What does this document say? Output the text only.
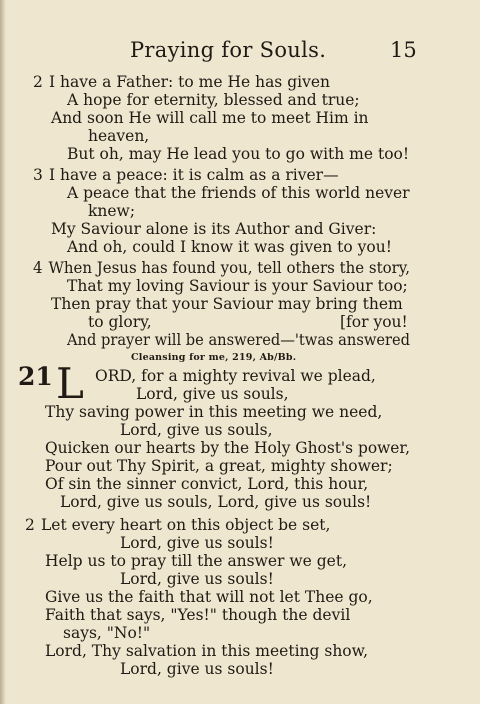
Praying for Souls.	15
2 I have a Father: to me He has given
A hope for eternity, blessed and true;
And soon He will call me to meet Him in
heaven,
But oh, may He lead you to go with me too!
3 I have a peace: it is calm as a river—
A peace that the friends of this world never
knew;
My Saviour alone is its Author and Giver:
And oh, could I know it was given to you!
4 When Jesus has found you, tell others the story,
That my loving Saviour is your Saviour too;
Then pray that your Saviour may bring them
to glory,	[for you!
And prayer will be answered—'twas answered
Cleansing for me, 219, Ab/Bb.
21 L ORD, for a mighty revival we plead,
Lord, give us souls,
Thy saving power in this meeting we need,
Lord, give us souls,
Quicken our hearts by the Holy Ghost's power,
Pour out Thy Spirit, a great, mighty shower;
Of sin the sinner convict, Lord, this hour,
Lord, give us souls, Lord, give us souls!
2 Let every heart on this object be set,
Lord, give us souls!
Help us to pray till the answer we get,
Lord, give us souls!
Give us the faith that will not let Thee go,
Faith that says, "Yes!" though the devil
says, "No!"
Lord, Thy salvation in this meeting show,
Lord, give us souls!
